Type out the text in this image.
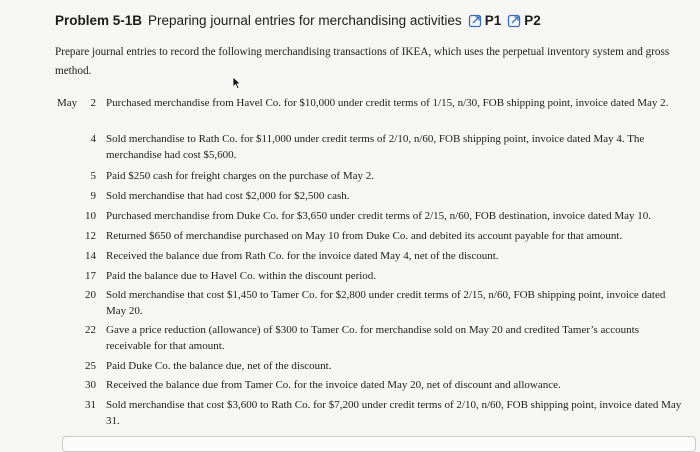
Problem 5-1B Preparing journal entries for merchandising activities P1 P2
Prepare journal entries to record the following merchandising transactions of IKEA, which uses the perpetual inventory system and gross method.
May	2 Purchased merchandise from Havel Co. for $10,000 under credit terms of 1/15, n/30, FOB shipping point, invoice dated May 2.
4 Sold merchandise to Rath Co. for $11,000 under credit terms of 2/10, n/60, FOB shipping point, invoice dated May 4. The merchandise had cost $5,600.
5 Paid $250 cash for freight charges on the purchase of May 2.
9 Sold merchandise that had cost $2,000 for $2,500 cash.
10 Purchased merchandise from Duke Co. for $3,650 under credit terms of 2/15, n/60, FOB destination, invoice dated May 10.
12 Returned $650 of merchandise purchased on May 10 from Duke Co. and debited its account payable for that amount.
14 Received the balance due from Rath Co. for the invoice dated May 4, net of the discount.
17 Paid the balance due to Havel Co. within the discount period.
20 Sold merchandise that cost $1,450 to Tamer Co. for $2,800 under credit terms of 2/15, n/60, FOB shipping point, invoice dated May 20.
22 Gave a price reduction (allowance) of $300 to Tamer Co. for merchandise sold on May 20 and credited Tamer’s accounts receivable for that amount.
25 Paid Duke Co. the balance due, net of the discount.
30 Received the balance due from Tamer Co. for the invoice dated May 20, net of discount and allowance.
31 Sold merchandise that cost $3,600 to Rath Co. for $7,200 under credit terms of 2/10, n/60, FOB shipping point, invoice dated May 31.
